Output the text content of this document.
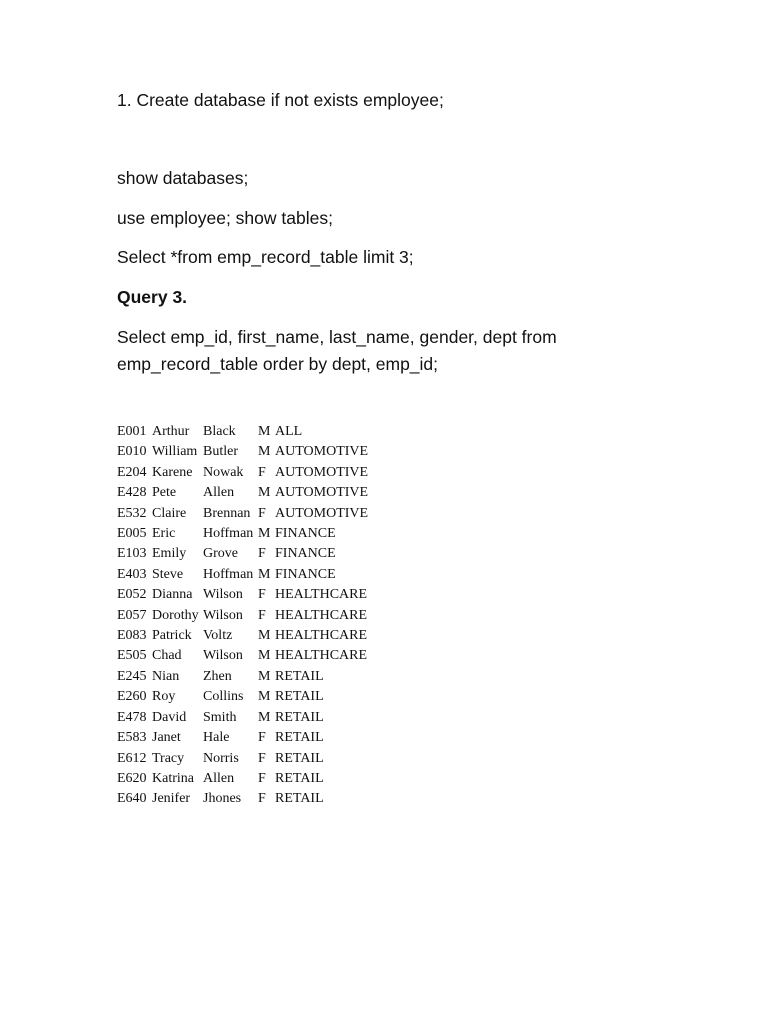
1. Create database if not exists employee;

show databases;

use employee; show tables;

Select *from emp_record_table limit 3;

Query 3.

Select emp_id, first_name, last_name, gender, dept from

emp_record_table order by dept, emp_id;

E001	Arthur	Black	M	ALL
E010	William	Butler	M	AUTOMOTIVE
E204	Karene	Nowak	F	AUTOMOTIVE
E428	Pete	Allen	M	AUTOMOTIVE
E532	Claire	Brennan	F	AUTOMOTIVE
E005	Eric	Hoffman	M	FINANCE
E103	Emily	Grove	F	FINANCE
E403	Steve	Hoffman	M	FINANCE
E052	Dianna	Wilson	F	HEALTHCARE
E057	Dorothy	Wilson	F	HEALTHCARE
E083	Patrick	Voltz	M	HEALTHCARE
E505	Chad	Wilson	M	HEALTHCARE
E245	Nian	Zhen	M	RETAIL
E260	Roy	Collins	M	RETAIL
E478	David	Smith	M	RETAIL
E583	Janet	Hale	F	RETAIL
E612	Tracy	Norris	F	RETAIL
E620	Katrina	Allen	F	RETAIL
E640	Jenifer	Jhones	F	RETAIL
